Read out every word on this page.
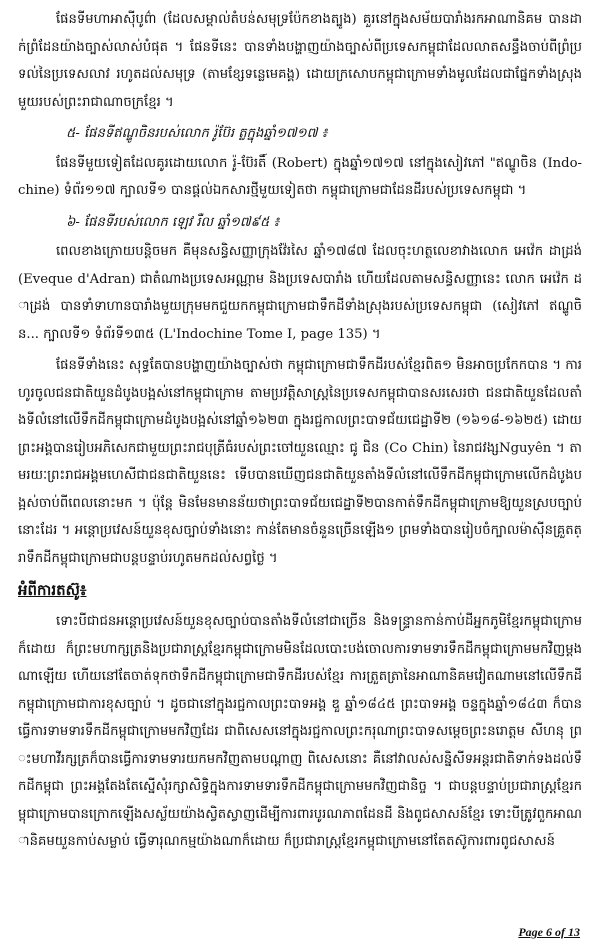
ផែនទីមហាអាស៊ីបូព៌ា (ដែលសម្គាល់តំបន់សមុទ្រប៉ែកខាងត្បូង) គួរនៅក្នុងសម័យបារាំងរកអាណានិគម បានដាក់ព្រំដែនយ៉ាងច្បាស់លាស់បំផុត ។ ផែនទីនេះ បានទាំងបង្ហាញយ៉ាងច្បាស់ពីប្រទេសកម្ពុជាដែលលាតសន្ធឹងចាប់ពីព្រំប្រទល់នៃប្រទេសលាវ រហូតដល់សមុទ្រ (តាមខ្សែទន្លេមេគង្គ) ដោយក្រសោបកម្ពុជាក្រោមទាំងមូលដែលជាផ្នែកទាំងស្រុងមួយរបស់ព្រះរាជាណាចក្រខ្មែរ ។

៥- ផែនទីឥណ្ឌូចិនរបស់លោក រ៉ូប៊ែរ ត្លក្នុងឆ្នាំ១៧១៧ ៖

ផែនទីមួយទៀតដែលគូរដោយលោក រ៉ូ-ប៊ែរតិ៍ (Robert) ក្នុងឆ្នាំ១៧១៧ នៅក្នុងសៀវភៅ "ឥណ្ឌូចិន (Indo-chine) ទំព័រ១១៧ ក្បាលទី១ បានផ្តល់ឯកសារថ្មីមួយទៀតថា កម្ពុជាក្រោមជាដែនដីរបស់ប្រទេសកម្ពុជា ។

៦- ផែនទីរបស់លោក ឡេវ រឺល ឆ្នាំ១៧៩៥ ៖

ពេលខាងក្រោយបន្តិចមក គឺមុនសន្ធិសញ្ញាក្រុងវ៉ែរសៃ ឆ្នាំ១៧៨៧ ដែលចុះហត្ថលេខាវាងលោក អេវ៉េក ដាដ្រង់ (Eveque d'Adran) ជាតំណាងប្រទេសអណ្ណាម និងប្រទេសបារាំង ហើយដែលតាមសន្ធិសញ្ញានេះ លោក អេវ៉េក ដាដ្រង់ បានទាំទាហានបារាំងមួយក្រុមមកជួយកកម្ពុជាក្រោមជាទឹកដីទាំងស្រុងរបស់ប្រទេសកម្ពុជា (សៀវភៅ ឥណ្ឌូចិន... ក្បាលទី១ ទំព័រទី១៣៥ (L'Indochine Tome I, page 135) ។

ផែនទីទាំងនេះ សុទ្ធតែបានបង្ហាញយ៉ាងច្បាស់ថា កម្ពុជាក្រោមជាទឹកដីរបស់ខ្មែរពិត១ មិនអាចប្រកែកបាន ។ ការហូរចូលជនជាតិយួនដំបូងបង្អស់នៅកម្ពុជាក្រោម តាមប្រវត្តិសាស្ត្រនៃប្រទេសកម្ពុជាបានសរសេរថា ជនជាតិយួនដែលតាំងទីលំនៅលើទឹកដីកម្ពុជាក្រោមដំបូងបង្អស់នៅឆ្នាំ១៦២៣ ក្នុងរជ្ជកាលព្រះបាទជ័យជេដ្ឋាទី២ (១៦១៨-១៦២៥) ដោយព្រះអង្គបានរៀបអភិសេកជាមួយព្រះរាជបុត្រីធំរបស់ព្រះចៅយួនឈ្មោះ ជូ ជិន (Co Chin) នៃរាជវង្សNguyên ។ តាមរយៈព្រះរាជអង្គមហេសីជាជនជាតិយួននេះ ទើបបានឃើញជនជាតិយួនតាំងទីលំនៅលើទឹកដីកម្ពុជាក្រោមលើកដំបូងបង្អស់ចាប់ពីពេលនោះមក ។ ប៉ុន្តែ មិនមែនមានន័យថាព្រះបាទជ័យជេដ្ឋាទី២បានកាត់ទឹកដីកម្ពុជាក្រោមឱ្យយួនស្របច្បាប់នោះដែរ ។ អន្តោប្រវេសន៍យួនខុសច្បាប់ទាំងនោះ កាន់តែមានចំនួនច្រើនឡើង១ ព្រមទាំងបានរៀបចំក្បាលម៉ាស៊ីនគ្រួតត្រាទឹកដីកម្ពុជាក្រោមជាបន្តបន្ទាប់រហូតមកដល់សព្វថ្ងៃ ។

អំពីការតស៊ូ៖

ទោះបីជាជនអន្តោប្រវេសន៍យួនខុសច្បាប់បានតាំងទីលំនៅជាច្រើន និងទន្ទ្រានកាន់កាប់ដីអ្នកភូមិខ្មែរកម្ពុជាក្រោមក៏ដោយ ក៏ព្រះមហាក្សត្រនិងប្រជារាស្ត្រខ្មែរកម្ពុជាក្រោមមិនដែលបោះបង់ចោលការទាមទារទឹកដីកម្ពុជាក្រោមមកវិញម្តងណាឡើយ ហើយនៅតែចាត់ទុកថាទឹកដីកម្ពុជាក្រោមជាទឹកដីរបស់ខ្មែរ ការត្រួតត្រានៃអាណានិគមវៀតណាមនៅលើទឹកដីកម្ពុជាក្រោមជាការខុសច្បាប់ ។ ដូចជានៅក្នុងរជ្ជកាលព្រះបាទអង្គ ឌួ ឆ្នាំ១៨៤៥ ព្រះបាទអង្គ ចន្ទក្នុងឆ្នាំ១៨៤៣ ក៏បានធ្វើការទាមទារទឹកដីកម្ពុជាក្រោមមកវិញដែរ ជាពិសេសនៅក្នុងរជ្ជកាលព្រះករុណាព្រះបាទសម្តេចព្រះនរោត្តម សីហនុ ព្រះមហាវីរក្សត្រក៏បានធ្វើការទាមទារយកមកវិញតាមបណ្តាញ ពិសេសនោះ គឺនៅវាលស់សន្និសីទអន្តរជាតិទាក់ទងដល់ទឹកដីកម្ពុជា ព្រះអង្គតែងតែស្នើសុំរក្សាសិទ្ធិក្នុងការទាមទារទឹកដីកម្ពុជាក្រោមមកវិញជានិច្ច ។ ជាបន្តបន្ទាប់ប្រជារាស្ត្រខ្មែរកម្ពុជាក្រោមបានក្រោកឡើងសស្ល័យយ៉ាងស្វិតស្វាញដើម្បីការពារបូរណភាពដែនដី និងពូជសាសន៍ខ្មែរ ទោះបីត្រូវពួកអាណានិគមយួនកាប់សម្លាប់ ធ្វើទារុណកម្មយ៉ាងណាក៏ដោយ ក៏ប្រជារាស្ត្រខ្មែរកម្ពុជាក្រោមនៅតែតស៊ូការពារពូជសាសន៍

Page 6 of 13
